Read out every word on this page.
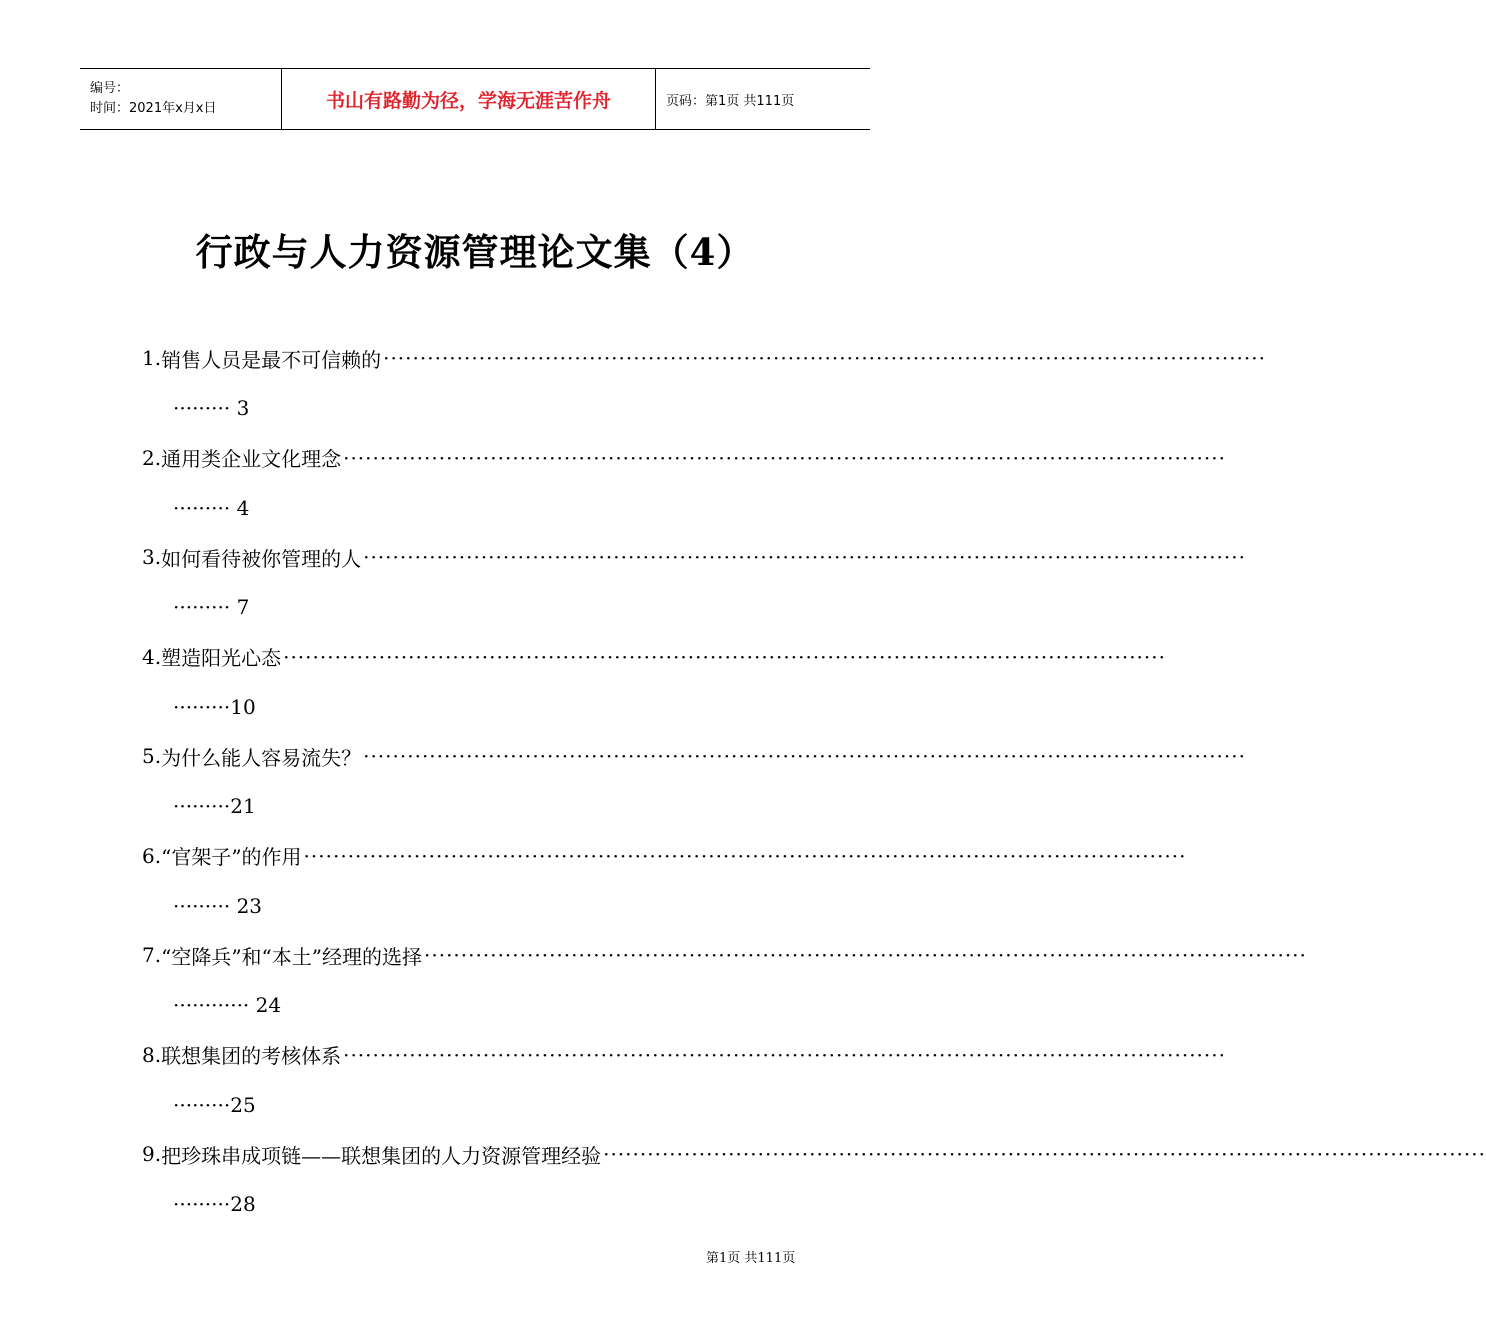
编号：
时间：2021年x月x日	书山有路勤为径，学海无涯苦作舟	页码：第1页 共111页
行政与人力资源管理论文集（4）
1. 销售人员是最不可信赖的 ························································································································
·········
3
2. 通用类企业文化理念 ························································································································
·········
4
3. 如何看待被你管理的人 ························································································································
·········
7
4. 塑造阳光心态 ························································································································
········· 10
5. 为什么能人容易流失？ ························································································································
········· 21
6. “官架子”的作用 ························································································································
·········
23
7. “空降兵”和“本土”经理的选择 ························································································································
············
24
8. 联想集团的考核体系 ························································································································
········· 25
9. 把珍珠串成项链——联想集团的人力资源管理经验 ························································································································
········· 28
第1页 共111页
